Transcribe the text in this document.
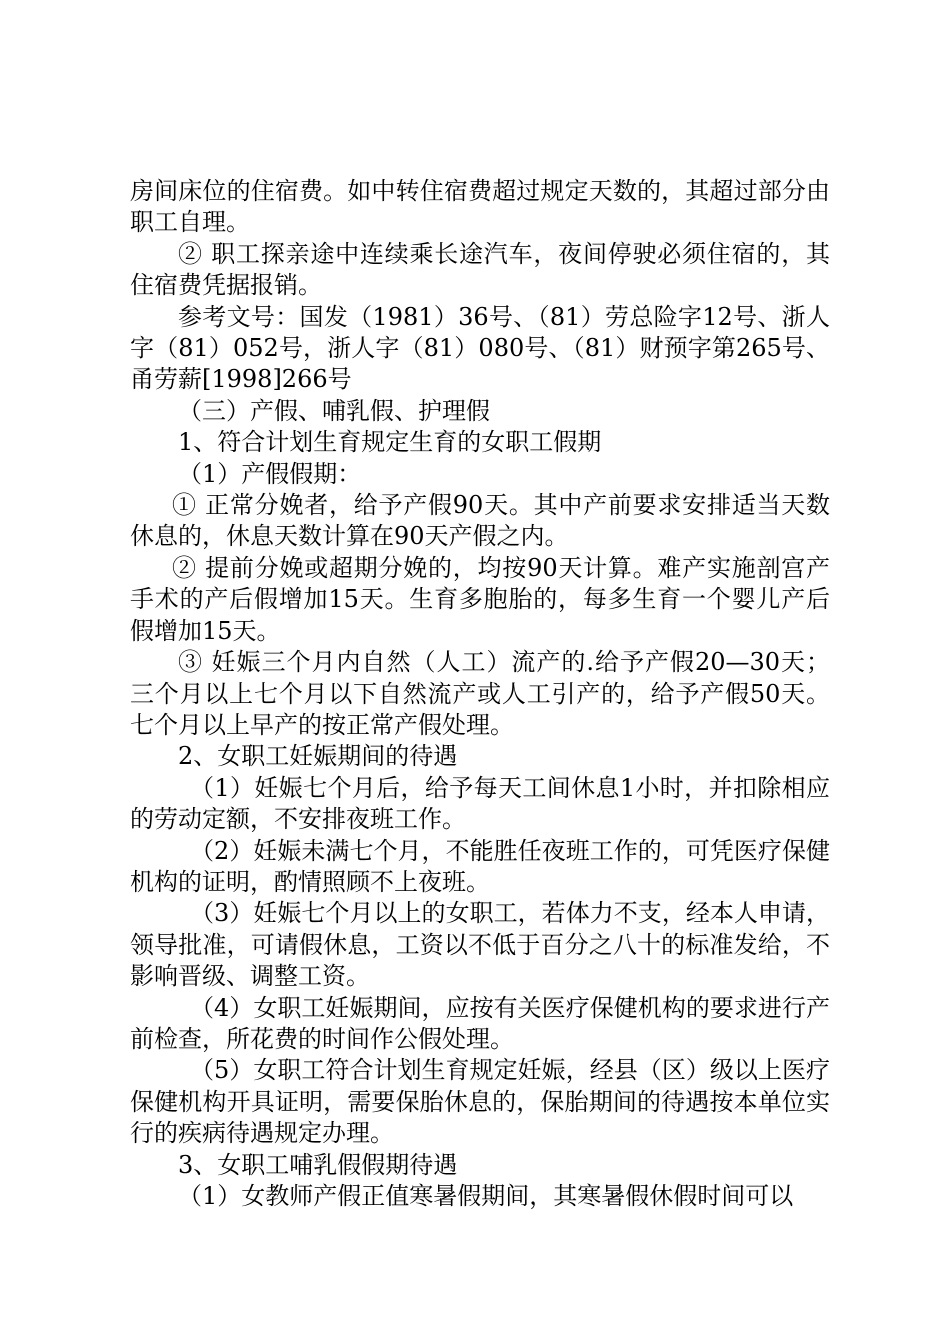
房间床位的住宿费。如中转住宿费超过规定天数的，其超过部分由职工自理。

② 职工探亲途中连续乘长途汽车，夜间停驶必须住宿的，其住宿费凭据报销。

参考文号：国发（1981）36号、（81）劳总险字12号、浙人字（81）052号，浙人字（81）080号、（81）财预字第265号、甬劳薪[1998]266号

（三）产假、哺乳假、护理假

1、符合计划生育规定生育的女职工假期

（1）产假假期：

① 正常分娩者，给予产假90天。其中产前要求安排适当天数休息的，休息天数计算在90天产假之内。

② 提前分娩或超期分娩的，均按90天计算。难产实施剖宫产手术的产后假增加15天。生育多胞胎的，每多生育一个婴儿产后假增加15天。

③ 妊娠三个月内自然（人工）流产的.给予产假20—30天；三个月以上七个月以下自然流产或人工引产的，给予产假50天。七个月以上早产的按正常产假处理。

2、女职工妊娠期间的待遇

（1）妊娠七个月后，给予每天工间休息1小时，并扣除相应的劳动定额，不安排夜班工作。

（2）妊娠未满七个月，不能胜任夜班工作的，可凭医疗保健机构的证明，酌情照顾不上夜班。

（3）妊娠七个月以上的女职工，若体力不支，经本人申请，领导批准，可请假休息，工资以不低于百分之八十的标准发给，不影响晋级、调整工资。

（4）女职工妊娠期间，应按有关医疗保健机构的要求进行产前检查，所花费的时间作公假处理。

（5）女职工符合计划生育规定妊娠，经县（区）级以上医疗保健机构开具证明，需要保胎休息的，保胎期间的待遇按本单位实行的疾病待遇规定办理。

3、女职工哺乳假假期待遇

（1）女教师产假正值寒暑假期间，其寒暑假休假时间可以
